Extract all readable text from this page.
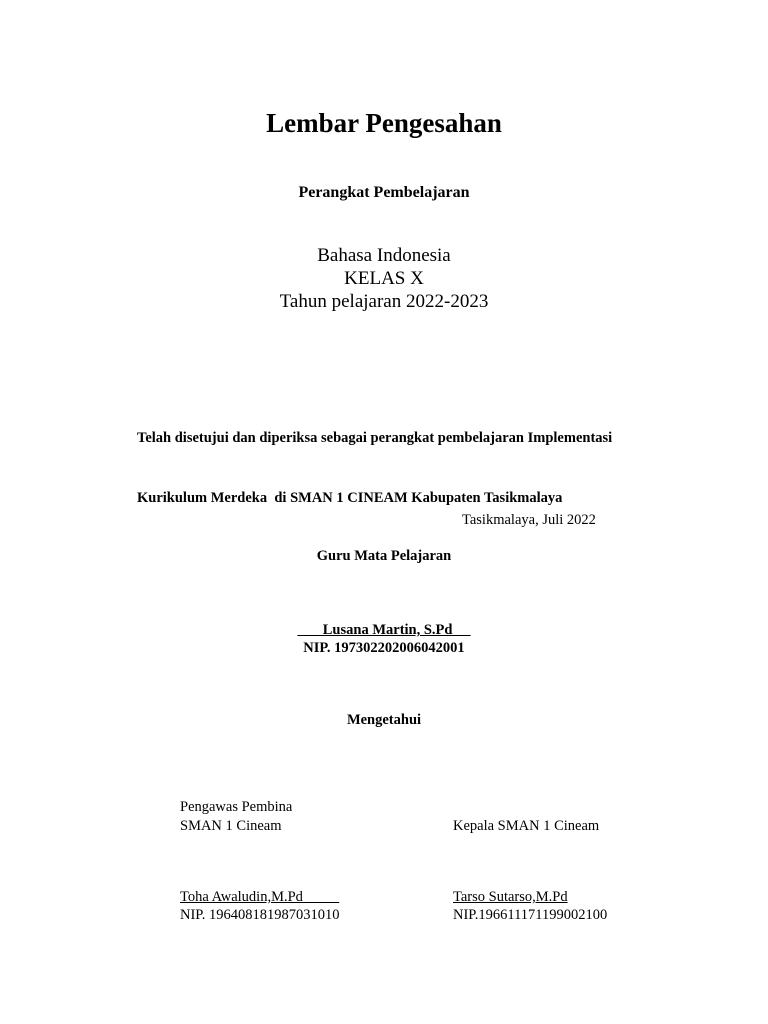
Lembar Pengesahan
Perangkat Pembelajaran
Bahasa Indonesia
KELAS X
Tahun pelajaran 2022-2023

Telah disetujui dan diperiksa sebagai perangkat pembelajaran Implementasi

Kurikulum Merdeka  di SMAN 1 CINEAM Kabupaten Tasikmalaya

Tasikmalaya, Juli 2022
Guru Mata Pelajaran
Lusana Martin, S.Pd
NIP. 197302202006042001
Mengetahui
Pengawas Pembina
SMAN 1 Cineam	Kepala SMAN 1 Cineam
Toha Awaludin,M.Pd	Tarso Sutarso,M.Pd
NIP. 196408181987031010	NIP.196611171199002100
